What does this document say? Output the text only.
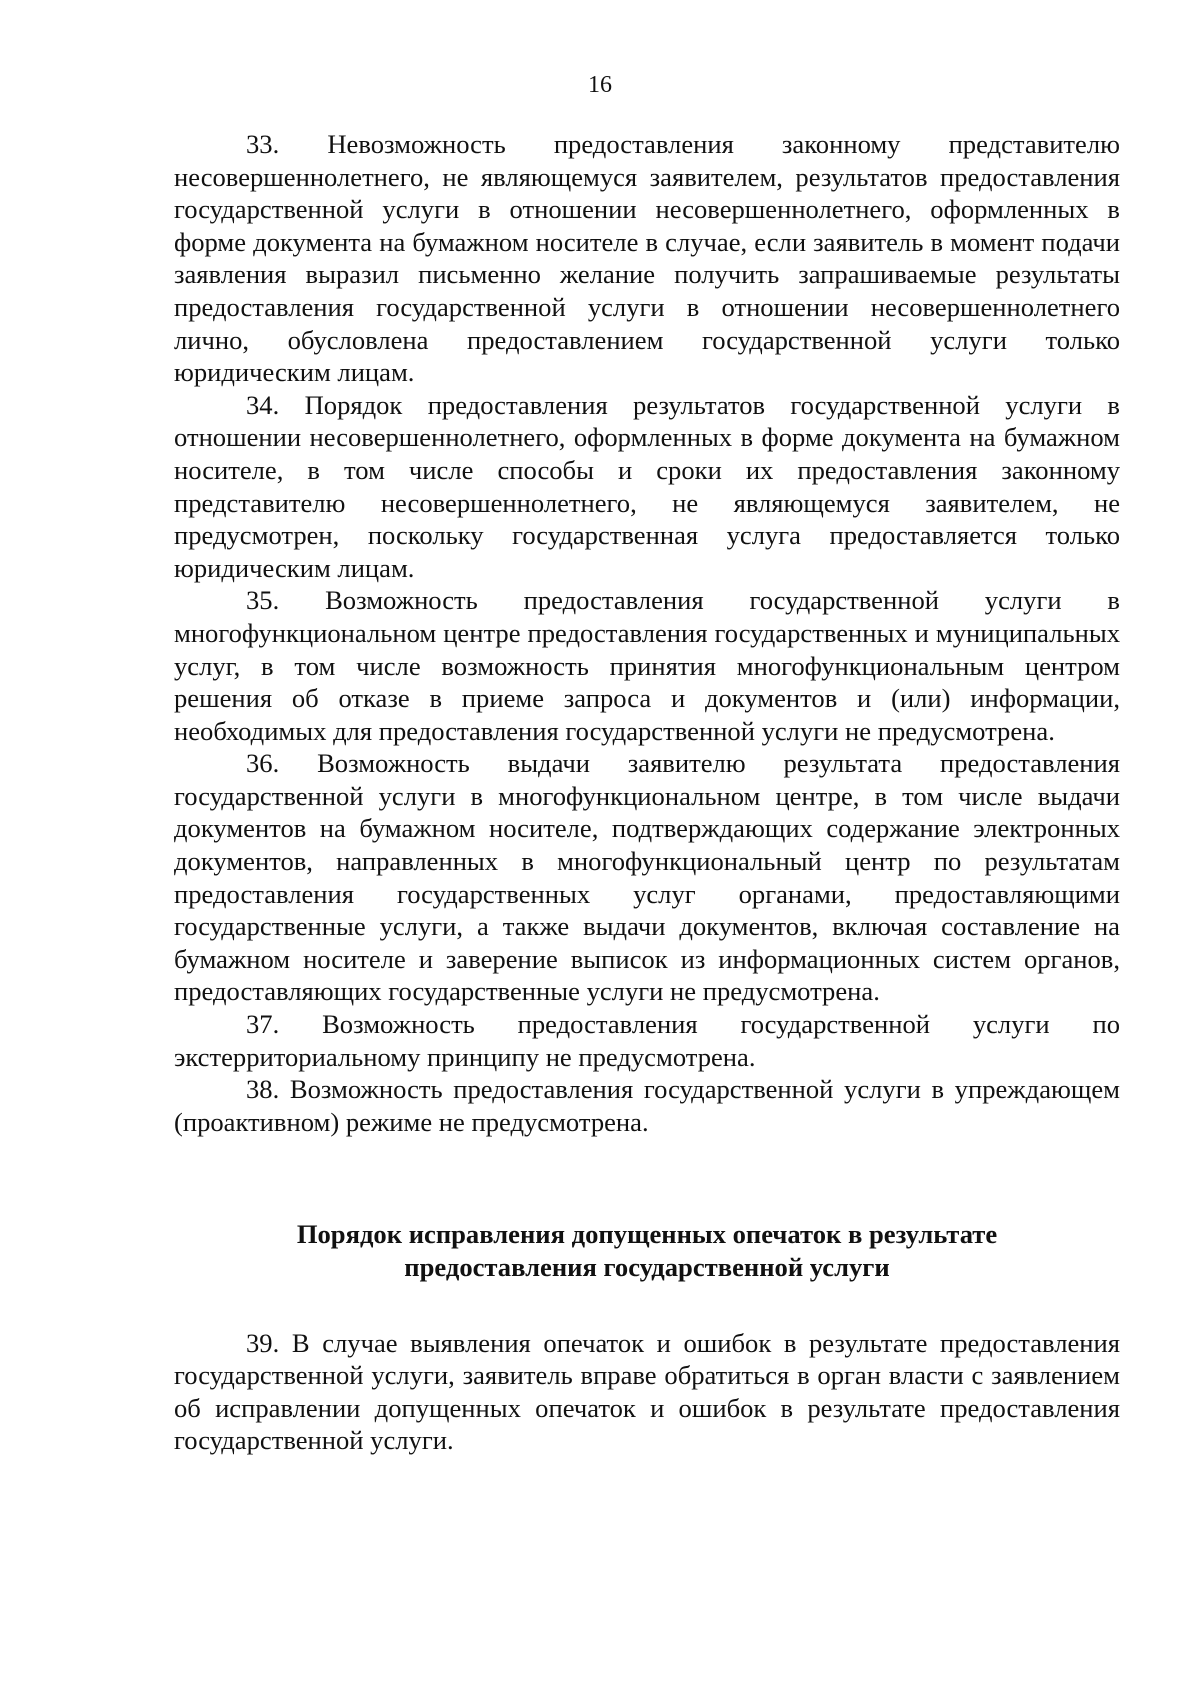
16

33. Невозможность предоставления законному представителю несовершеннолетнего, не являющемуся заявителем, результатов предоставления государственной услуги в отношении несовершеннолетнего, оформленных в форме документа на бумажном носителе в случае, если заявитель в момент подачи заявления выразил письменно желание получить запрашиваемые результаты предоставления государственной услуги в отношении несовершеннолетнего лично, обусловлена предоставлением государственной услуги только юридическим лицам.

34. Порядок предоставления результатов государственной услуги в отношении несовершеннолетнего, оформленных в форме документа на бумажном носителе, в том числе способы и сроки их предоставления законному представителю несовершеннолетнего, не являющемуся заявителем, не предусмотрен, поскольку государственная услуга предоставляется только юридическим лицам.

35. Возможность предоставления государственной услуги в многофункциональном центре предоставления государственных и муниципальных услуг, в том числе возможность принятия многофункциональным центром решения об отказе в приеме запроса и документов и (или) информации, необходимых для предоставления государственной услуги не предусмотрена.

36. Возможность выдачи заявителю результата предоставления государственной услуги в многофункциональном центре, в том числе выдачи документов на бумажном носителе, подтверждающих содержание электронных документов, направленных в многофункциональный центр по результатам предоставления государственных услуг органами, предоставляющими государственные услуги, а также выдачи документов, включая составление на бумажном носителе и заверение выписок из информационных систем органов, предоставляющих государственные услуги не предусмотрена.

37. Возможность предоставления государственной услуги по экстерриториальному принципу не предусмотрена.

38. Возможность предоставления государственной услуги в упреждающем (проактивном) режиме не предусмотрена.

Порядок исправления допущенных опечаток в результате
предоставления государственной услуги

39. В случае выявления опечаток и ошибок в результате предоставления государственной услуги, заявитель вправе обратиться в орган власти с заявлением об исправлении допущенных опечаток и ошибок в результате предоставления государственной услуги.
